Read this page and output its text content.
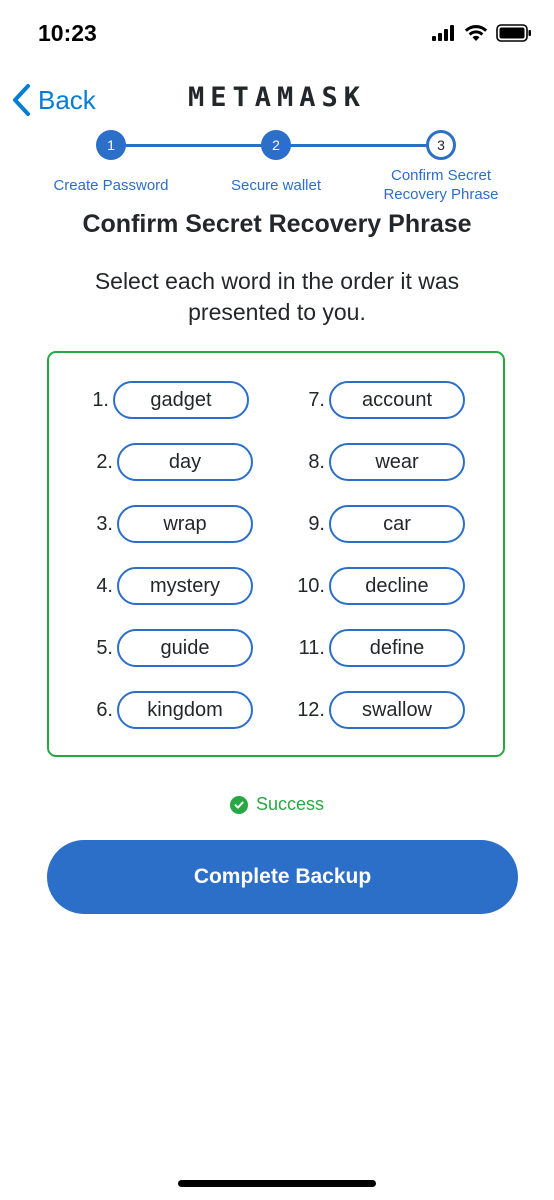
10:23
Back	METAMASK
1	2	3
Create Password	Secure wallet
Confirm Secret
Recovery Phrase
Confirm Secret Recovery Phrase
Select each word in the order it was presented to you.
1.	gadget
2.	day
3.	wrap
4.	mystery
5.	guide
6.	kingdom
7.	account
8.	wear
9.	car
10.	decline
11.	define
12.	swallow
Success
Complete Backup
